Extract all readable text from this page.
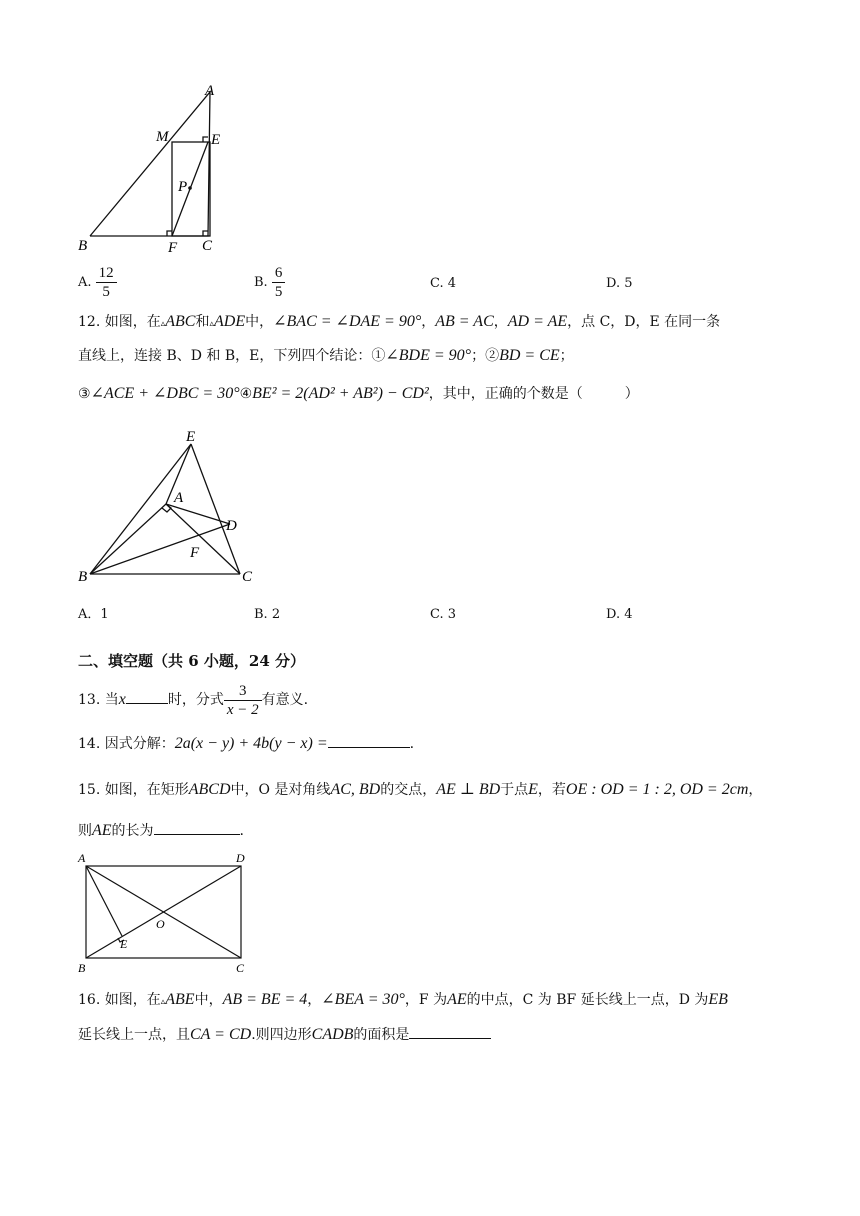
A
M	E
P
B	F C
A. $\frac{12}{5}$	B. $\frac{6}{5}$	C. 4	D. 5
12. 如图，在▵ABC和▵ADE中，∠BAC = ∠DAE = 90°，AB = AC，AD = AE，点 C，D，E 在同一条
直线上，连接 B、D 和 B，E，下列四个结论：①∠BDE = 90°；②BD = CE；
③∠ACE + ∠DBC = 30°④BE² = 2(AD² + AB²) − CD²，其中，正确的个数是（　　　）
E
A
D
F
B	C
A．1	B. 2	C. 3	D. 4
二、填空题（共 6 小题，24 分）
13. 当x	时，分式 $\frac{3}{x - 2}$ 有意义.
14. 因式分解：2a(x − y) + 4b(y − x) =	.
15. 如图，在矩形ABCD中，O 是对角线AC, BD的交点，AE ⊥ BD于点E，若OE : OD = 1 : 2, OD = 2cm，
则AE的长为	.
A	D
O
E
B	C
16. 如图，在▵ABE中，AB = BE = 4，∠BEA = 30°，F 为AE的中点，C 为 BF 延长线上一点，D 为EB
延长线上一点，且CA = CD.则四边形CADB的面积是
